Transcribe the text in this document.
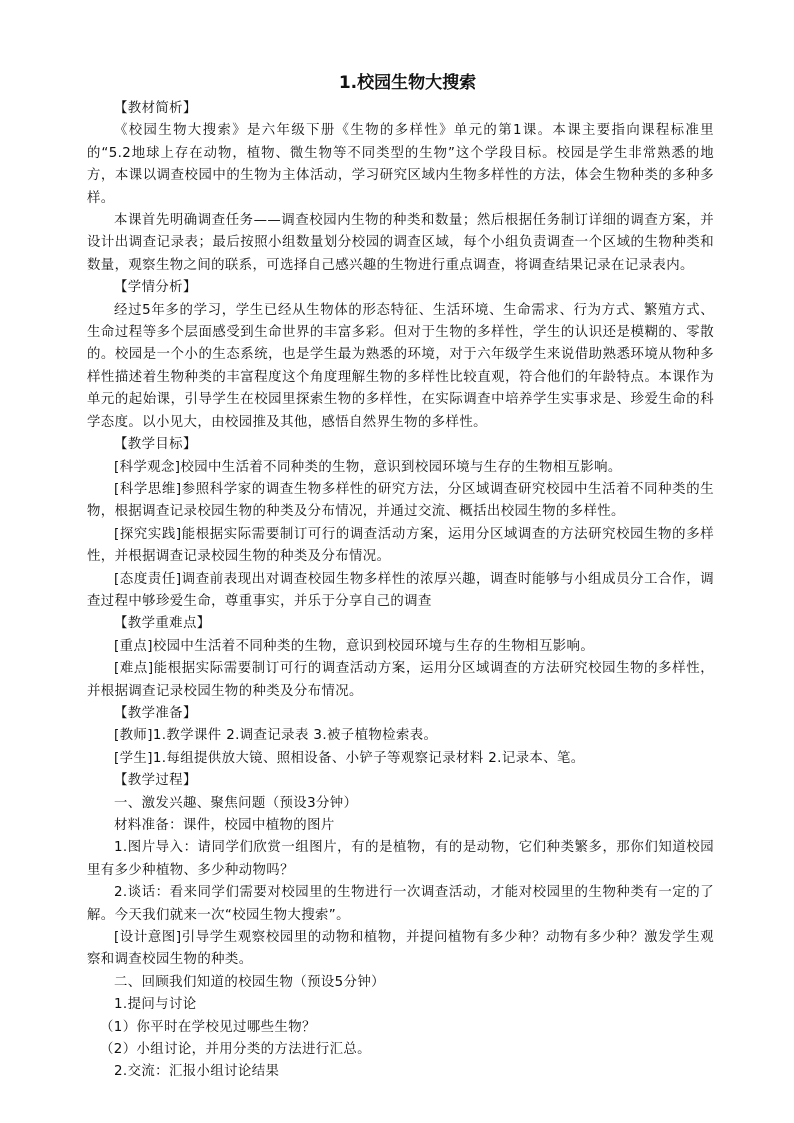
1.校园生物大搜索

【教材简析】

《校园生物大搜索》是六年级下册《生物的多样性》单元的第1课。本课主要指向课程标准里的“5.2地球上存在动物，植物、微生物等不同类型的生物”这个学段目标。校园是学生非常熟悉的地方，本课以调查校园中的生物为主体活动，学习研究区域内生物多样性的方法，体会生物种类的多种多样。

本课首先明确调查任务——调查校园内生物的种类和数量；然后根据任务制订详细的调查方案，并设计出调查记录表；最后按照小组数量划分校园的调查区域，每个小组负责调查一个区域的生物种类和数量，观察生物之间的联系，可选择自己感兴趣的生物进行重点调查，将调查结果记录在记录表内。

【学情分析】

经过5年多的学习，学生已经从生物体的形态特征、生活环境、生命需求、行为方式、繁殖方式、生命过程等多个层面感受到生命世界的丰富多彩。但对于生物的多样性，学生的认识还是模糊的、零散的。校园是一个小的生态系统，也是学生最为熟悉的环境，对于六年级学生来说借助熟悉环境从物种多样性描述着生物种类的丰富程度这个角度理解生物的多样性比较直观，符合他们的年龄特点。本课作为单元的起始课，引导学生在校园里探索生物的多样性，在实际调查中培养学生实事求是、珍爱生命的科学态度。以小见大，由校园推及其他，感悟自然界生物的多样性。

【教学目标】

[科学观念]校园中生活着不同种类的生物，意识到校园环境与生存的生物相互影响。

[科学思维]参照科学家的调查生物多样性的研究方法，分区域调查研究校园中生活着不同种类的生物，根据调查记录校园生物的种类及分布情况，并通过交流、概括出校园生物的多样性。

[探究实践]能根据实际需要制订可行的调查活动方案，运用分区域调查的方法研究校园生物的多样性，并根据调查记录校园生物的种类及分布情况。

[态度责任]调查前表现出对调查校园生物多样性的浓厚兴趣，调查时能够与小组成员分工合作，调查过程中够珍爱生命，尊重事实，并乐于分享自己的调查

【教学重难点】

[重点]校园中生活着不同种类的生物，意识到校园环境与生存的生物相互影响。

[难点]能根据实际需要制订可行的调查活动方案，运用分区域调查的方法研究校园生物的多样性，并根据调查记录校园生物的种类及分布情况。

【教学准备】

[教师]1.教学课件 2.调查记录表 3.被子植物检索表。

[学生]1.每组提供放大镜、照相设备、小铲子等观察记录材料 2.记录本、笔。

【教学过程】

一、激发兴趣、聚焦问题（预设3分钟）

材料准备：课件，校园中植物的图片

1.图片导入：请同学们欣赏一组图片，有的是植物，有的是动物，它们种类繁多，那你们知道校园里有多少种植物、多少种动物吗？

2.谈话：看来同学们需要对校园里的生物进行一次调查活动，才能对校园里的生物种类有一定的了解。今天我们就来一次“校园生物大搜索”。

[设计意图]引导学生观察校园里的动物和植物，并提问植物有多少种？动物有多少种？激发学生观察和调查校园生物的种类。

二、回顾我们知道的校园生物（预设5分钟）

1.提问与讨论

（1）你平时在学校见过哪些生物？

（2）小组讨论，并用分类的方法进行汇总。

2.交流：汇报小组讨论结果
